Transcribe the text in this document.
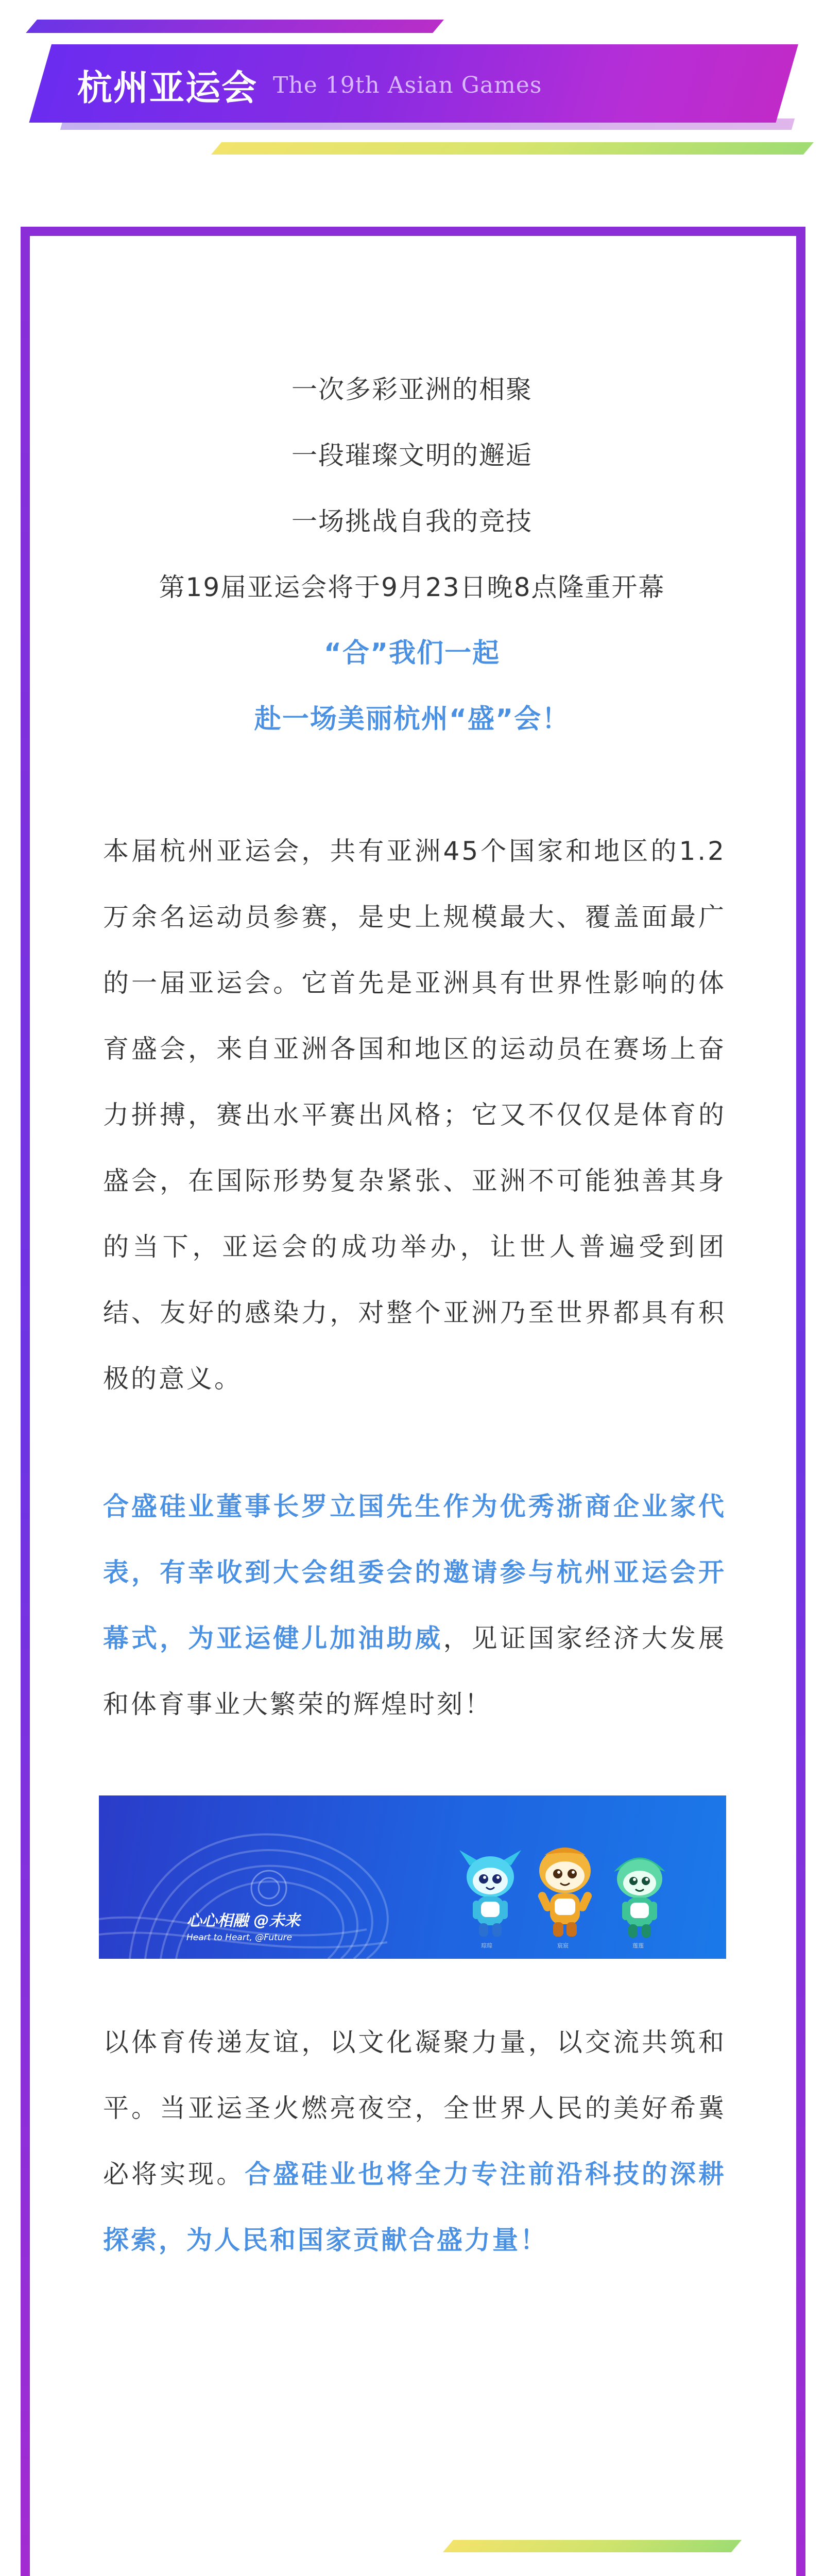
杭州亚运会 The 19th Asian Games
一次多彩亚洲的相聚
一段璀璨文明的邂逅
一场挑战自我的竞技
第19届亚运会将于9月23日晚8点隆重开幕
“合”我们一起
赴一场美丽杭州“盛”会！
本届杭州亚运会，共有亚洲45个国家和地区的1.2万余名运动员参赛，是史上规模最大、覆盖面最广的一届亚运会。它首先是亚洲具有世界性影响的体育盛会，来自亚洲各国和地区的运动员在赛场上奋力拼搏，赛出水平赛出风格；它又不仅仅是体育的盛会，在国际形势复杂紧张、亚洲不可能独善其身的当下，亚运会的成功举办，让世人普遍受到团结、友好的感染力，对整个亚洲乃至世界都具有积极的意义。
合盛硅业董事长罗立国先生作为优秀浙商企业家代表，有幸收到大会组委会的邀请参与杭州亚运会开幕式，为亚运健儿加油助威，见证国家经济大发展和体育事业大繁荣的辉煌时刻！
心心相融 @未来
Heart to Heart, @Future
琮琮	宸宸	莲莲
以体育传递友谊，以文化凝聚力量，以交流共筑和平。当亚运圣火燃亮夜空，全世界人民的美好希冀必将实现。合盛硅业也将全力专注前沿科技的深耕探索，为人民和国家贡献合盛力量！
